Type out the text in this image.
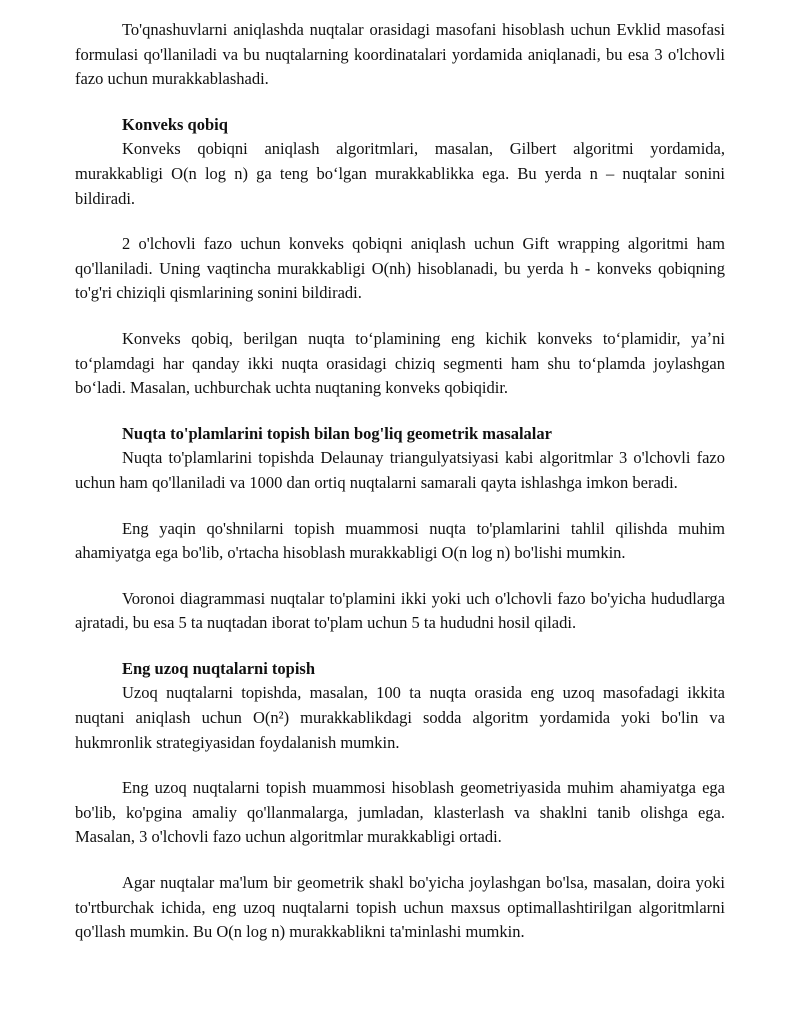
To'qnashuvlarni aniqlashda nuqtalar orasidagi masofani hisoblash uchun Evklid masofasi formulasi qo'llaniladi va bu nuqtalarning koordinatalari yordamida aniqlanadi, bu esa 3 o'lchovli fazo uchun murakkablashadi.

Konveks qobiq

Konveks qobiqni aniqlash algoritmlari, masalan, Gilbert algoritmi yordamida, murakkabligi O(n log n) ga teng boʻlgan murakkablikka ega. Bu yerda n – nuqtalar sonini bildiradi.

2 o'lchovli fazo uchun konveks qobiqni aniqlash uchun Gift wrapping algoritmi ham qo'llaniladi. Uning vaqtincha murakkabligi O(nh) hisoblanadi, bu yerda h - konveks qobiqning to'g'ri chiziqli qismlarining sonini bildiradi.

Konveks qobiq, berilgan nuqta toʻplamining eng kichik konveks toʻplamidir, yaʼni toʻplamdagi har qanday ikki nuqta orasidagi chiziq segmenti ham shu toʻplamda joylashgan boʻladi. Masalan, uchburchak uchta nuqtaning konveks qobiqidir.

Nuqta to'plamlarini topish bilan bog'liq geometrik masalalar

Nuqta to'plamlarini topishda Delaunay triangulyatsiyasi kabi algoritmlar 3 o'lchovli fazo uchun ham qo'llaniladi va 1000 dan ortiq nuqtalarni samarali qayta ishlashga imkon beradi.

Eng yaqin qo'shnilarni topish muammosi nuqta to'plamlarini tahlil qilishda muhim ahamiyatga ega bo'lib, o'rtacha hisoblash murakkabligi O(n log n) bo'lishi mumkin.

Voronoi diagrammasi nuqtalar to'plamini ikki yoki uch o'lchovli fazo bo'yicha hududlarga ajratadi, bu esa 5 ta nuqtadan iborat to'plam uchun 5 ta hududni hosil qiladi.

Eng uzoq nuqtalarni topish

Uzoq nuqtalarni topishda, masalan, 100 ta nuqta orasida eng uzoq masofadagi ikkita nuqtani aniqlash uchun O(n²) murakkablikdagi sodda algoritm yordamida yoki bo'lin va hukmronlik strategiyasidan foydalanish mumkin.

Eng uzoq nuqtalarni topish muammosi hisoblash geometriyasida muhim ahamiyatga ega bo'lib, ko'pgina amaliy qo'llanmalarga, jumladan, klasterlash va shaklni tanib olishga ega. Masalan, 3 o'lchovli fazo uchun algoritmlar murakkabligi ortadi.

Agar nuqtalar ma'lum bir geometrik shakl bo'yicha joylashgan bo'lsa, masalan, doira yoki to'rtburchak ichida, eng uzoq nuqtalarni topish uchun maxsus optimallashtirilgan algoritmlarni qo'llash mumkin. Bu O(n log n) murakkablikni ta'minlashi mumkin.
